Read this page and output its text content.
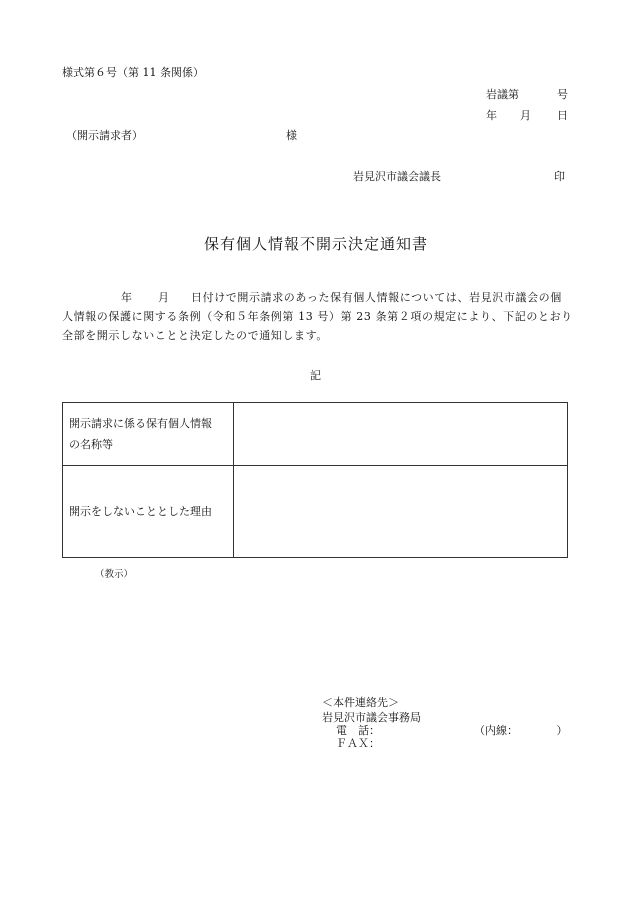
様式第６号（第 11 条関係）
岩議第	号
年 月 日
（開示請求者）	様
岩見沢市議会議長	印
保有個人情報不開示決定通知書
年 月 日付けで開示請求のあった保有個人情報については、岩見沢市議会の個
人情報の保護に関する条例（令和５年条例第 13 号）第 23 条第２項の規定により、下記のとおり
全部を開示しないことと決定したので通知します。
記
開示請求に係る保有個人情報
の名称等	

開示をしないこととした理由	
（教示）
＜本件連絡先＞
岩見沢市議会事務局
電　話：	（内線：　　　　）
ＦＡＸ：
